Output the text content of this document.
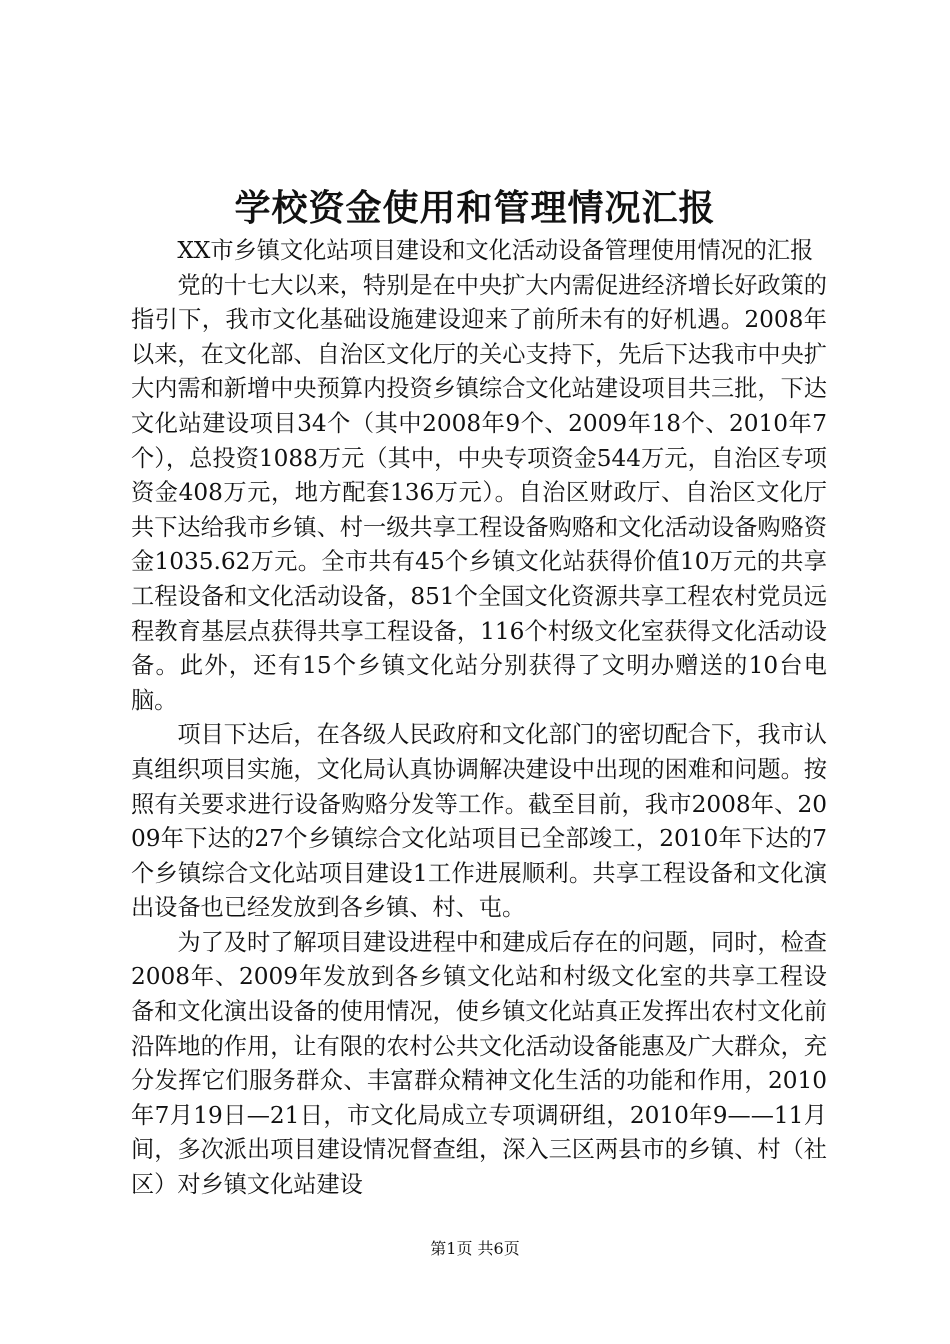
学校资金使用和管理情况汇报

XX市乡镇文化站项目建设和文化活动设备管理使用情况的汇报

党的十七大以来，特别是在中央扩大内需促进经济增长好政策的指引下，我市文化基础设施建设迎来了前所未有的好机遇。2008年以来，在文化部、自治区文化厅的关心支持下，先后下达我市中央扩大内需和新增中央预算内投资乡镇综合文化站建设项目共三批，下达文化站建设项目34个（其中2008年9个、2009年18个、2010年7个），总投资1088万元（其中，中央专项资金544万元，自治区专项资金408万元，地方配套136万元）。自治区财政厅、自治区文化厅共下达给我市乡镇、村一级共享工程设备购赂和文化活动设备购赂资金1035.62万元。全市共有45个乡镇文化站获得价值10万元的共享工程设备和文化活动设备，851个全国文化资源共享工程农村党员远程教育基层点获得共享工程设备，116个村级文化室获得文化活动设备。此外，还有15个乡镇文化站分别获得了文明办赠送的10台电脑。

项目下达后，在各级人民政府和文化部门的密切配合下，我市认真组织项目实施，文化局认真协调解决建设中出现的困难和问题。按照有关要求进行设备购赂分发等工作。截至目前，我市2008年、2009年下达的27个乡镇综合文化站项目已全部竣工，2010年下达的7个乡镇综合文化站项目建设1工作进展顺利。共享工程设备和文化演出设备也已经发放到各乡镇、村、屯。

为了及时了解项目建设进程中和建成后存在的问题，同时，检查2008年、2009年发放到各乡镇文化站和村级文化室的共享工程设备和文化演出设备的使用情况，使乡镇文化站真正发挥出农村文化前沿阵地的作用，让有限的农村公共文化活动设备能惠及广大群众，充分发挥它们服务群众、丰富群众精神文化生活的功能和作用，2010年7月19日—21日，市文化局成立专项调研组，2010年9——11月间，多次派出项目建设情况督查组，深入三区两县市的乡镇、村（社区）对乡镇文化站建设

第1页 共6页
